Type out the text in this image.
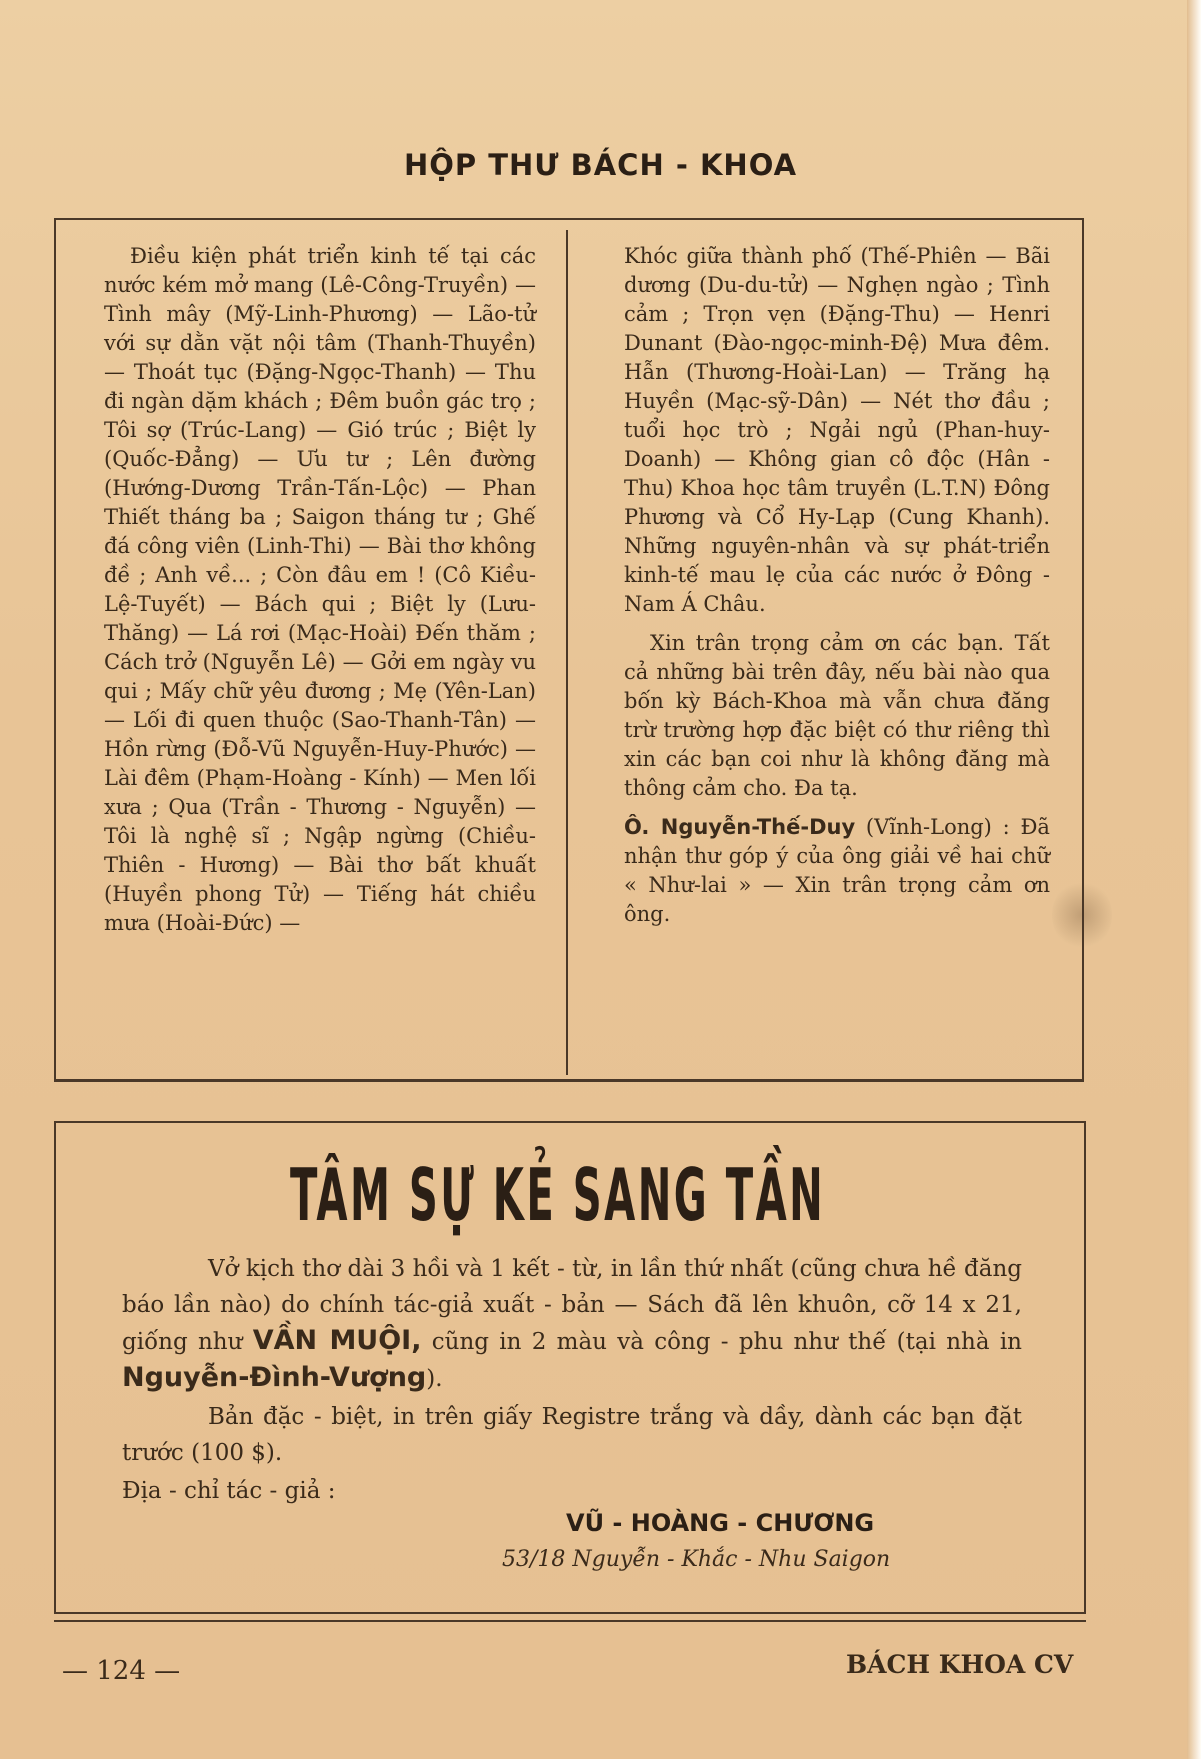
HỘP THƯ BÁCH - KHOA

Điều kiện phát triển kinh tế tại các nước kém mở mang (Lê-Công-Truyền) — Tình mây (Mỹ-Linh-Phương) — Lão-tử với sự dằn vặt nội tâm (Thanh-Thuyền) — Thoát tục (Đặng-Ngọc-Thanh) — Thu đi ngàn dặm khách ; Đêm buồn gác trọ ; Tôi sợ (Trúc-Lang) — Gió trúc ; Biệt ly (Quốc-Đẳng) — Ưu tư ; Lên đường (Hướng-Dương Trần-Tấn-Lộc) — Phan Thiết tháng ba ; Saigon tháng tư ; Ghế đá công viên (Linh-Thi) — Bài thơ không đề ; Anh về... ; Còn đâu em ! (Cô Kiều-Lệ-Tuyết) — Bách qui ; Biệt ly (Lưu-Thăng) — Lá rơi (Mạc-Hoài) Đến thăm ; Cách trở (Nguyễn Lê) — Gởi em ngày vu qui ; Mấy chữ yêu đương ; Mẹ (Yên-Lan) — Lối đi quen thuộc (Sao-Thanh-Tân) — Hồn rừng (Đỗ-Vũ Nguyễn-Huy-Phước) — Lài đêm (Phạm-Hoàng - Kính) — Men lối xưa ; Qua (Trần - Thương - Nguyễn) — Tôi là nghệ sĩ ; Ngập ngừng (Chiều-Thiên - Hương) — Bài thơ bất khuất (Huyền phong Tử) — Tiếng hát chiều mưa (Hoài-Đức) —

Khóc giữa thành phố (Thế-Phiên — Bãi dương (Du-du-tử) — Nghẹn ngào ; Tình cảm ; Trọn vẹn (Đặng-Thu) — Henri Dunant (Đào-ngọc-minh-Đệ) Mưa đêm. Hẫn (Thương-Hoài-Lan) — Trăng hạ Huyền (Mạc-sỹ-Dân) — Nét thơ đầu ; tuổi học trò ; Ngải ngủ (Phan-huy-Doanh) — Không gian cô độc (Hân - Thu) Khoa học tâm truyền (L.T.N) Đông Phương và Cổ Hy-Lạp (Cung Khanh). Những nguyên-nhân và sự phát-triển kinh-tế mau lẹ của các nước ở Đông - Nam Á Châu.

Xin trân trọng cảm ơn các bạn. Tất cả những bài trên đây, nếu bài nào qua bốn kỳ Bách-Khoa mà vẫn chưa đăng trừ trường hợp đặc biệt có thư riêng thì xin các bạn coi như là không đăng mà thông cảm cho. Đa tạ.

Ô. Nguyễn-Thế-Duy (Vĩnh-Long) : Đã nhận thư góp ý của ông giải về hai chữ « Như-lai » — Xin trân trọng cảm ơn ông.

TÂM SỰ KẺ SANG TẦN

Vở kịch thơ dài 3 hồi và 1 kết - từ, in lần thứ nhất (cũng chưa hề đăng báo lần nào) do chính tác-giả xuất - bản — Sách đã lên khuôn, cỡ 14 x 21, giống như VẦN MUỘI, cũng in 2 màu và công - phu như thế (tại nhà in Nguyễn-Đình-Vượng).

Bản đặc - biệt, in trên giấy Registre trắng và dầy, dành các bạn đặt trước (100 $).

Địa - chỉ tác - giả :

VŨ - HOÀNG - CHƯƠNG
53/18 Nguyễn - Khắc - Nhu Saigon
— 124 —	BÁCH KHOA CV
